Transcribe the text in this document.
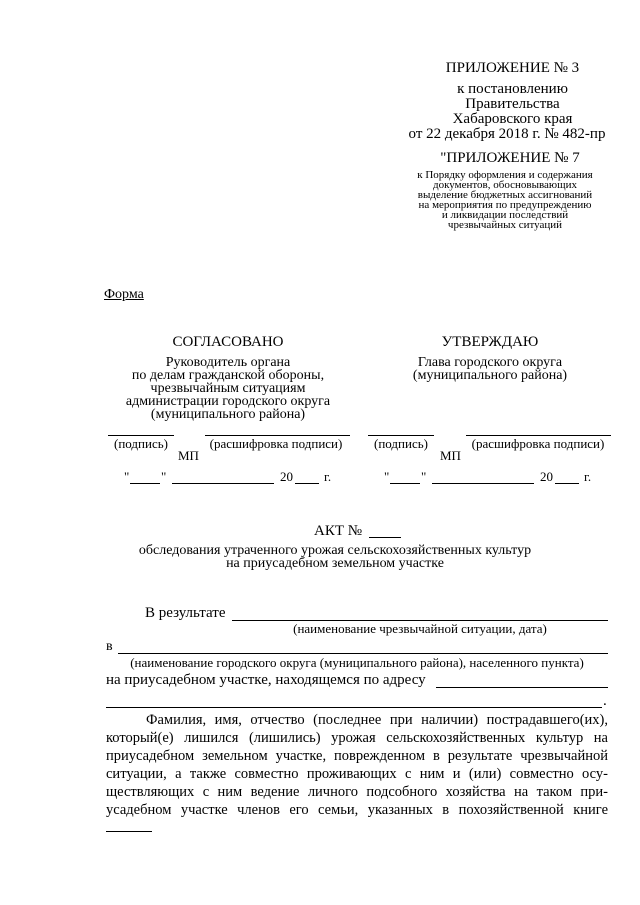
ПРИЛОЖЕНИЕ № 3
к постановлению
Правительства
Хабаровского края
от 22 декабря 2018 г. № 482-пр
"ПРИЛОЖЕНИЕ № 7
к Порядку оформления и содержания
документов, обосновывающих
выделение бюджетных ассигнований
на мероприятия по предупреждению
и ликвидации последствий
чрезвычайных ситуаций
Форма
СОГЛАСОВАНО
Руководитель органа
по делам гражданской обороны,
чрезвычайным ситуациям
администрации городского округа
(муниципального района)
(подпись)	(расшифровка подписи)
МП
" "	20 г.
УТВЕРЖДАЮ
Глава городского округа
(муниципального района)
(подпись)	(расшифровка подписи)
МП
" "	20 г.
АКТ №
обследования утраченного урожая сельскохозяйственных культур
на приусадебном земельном участке
В результате
(наименование чрезвычайной ситуации, дата)
в
(наименование городского округа (муниципального района), населенного пункта)
на приусадебном участке, находящемся по адресу
.
Фамилия, имя, отчество (последнее при наличии) пострадавшего(их),
который(е) лишился (лишились) урожая сельскохозяйственных культур на
приусадебном земельном участке, поврежденном в результате чрезвычайной
ситуации, а также совместно проживающих с ним и (или) совместно осу-
ществляющих с ним ведение личного подсобного хозяйства на таком при-
усадебном участке членов его семьи, указанных в похозяйственной книге
